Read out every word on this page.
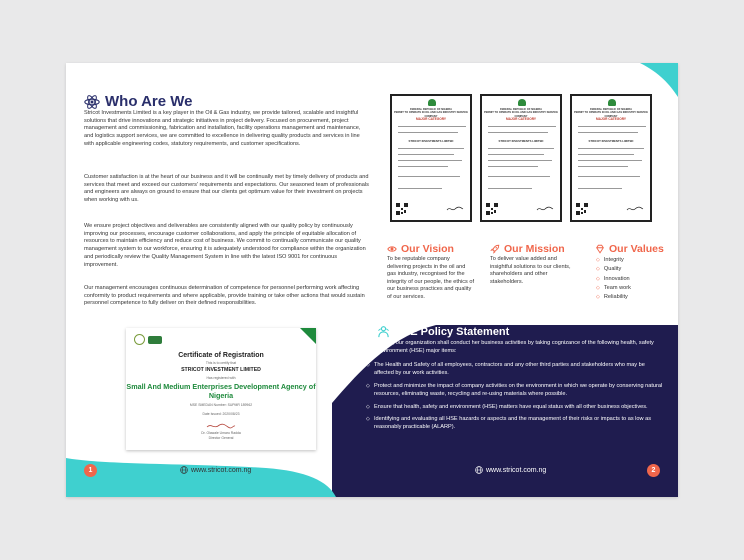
Who Are We

Stricot Investments Limited is a key player in the Oil & Gas industry, we provide tailored, scalable and insightful solutions that drive innovations and strategic initiatives in project delivery. Focused on procurement, project management and commissioning, fabrication and installation, facility operations management and maintenance, and logistics support services, we are committed to excellence in delivering quality products and services in line with applicable engineering codes, statutory requirements, and customer specifications.

Customer satisfaction is at the heart of our business and it will be continually met by timely delivery of products and services that meet and exceed our customers' requirements and expectations. Our seasoned team of professionals and engineers are always on ground to ensure that our clients get optimum value for their investment on projects when working with us.

We ensure project objectives and deliverables are consistently aligned with our quality policy by continuously improving our processes, encourage customer collaborations, and apply the principle of equitable allocation of resources to maintain efficiency and reduce cost of business. We commit to continually communicate our quality management system to our workforce, ensuring it is adequately understood for compliance within the organization and periodically review the Quality Management System in line with the latest ISO 9001 for continuous improvement.

Our management encourages continuous determination of competence for personnel performing work affecting conformity to product requirements and where applicable, provide training or take other actions that would sustain personnel competence to fully deliver on their defined responsibilities.

Certificate of Registration
This is to certify that
STRICOT INVESTMENT LIMITED
Has registered with
Small And Medium Enterprises Development Agency of Nigeria
MSE SMEDAN Number: SUPMR 189962
Date Issued: 2020/08/23
Dr. Olawale Umaru Radda
Director General
1	www.stricot.com.ng
FEDERAL REPUBLIC OF NIGERIA
PERMIT TO OPERATE IN OIL AND GAS INDUSTRY SERVICE COMPANY
MAJOR CATEGORY
STRICOT INVESTMENTS LIMITED
FEDERAL REPUBLIC OF NIGERIA
PERMIT TO OPERATE IN OIL AND GAS INDUSTRY SERVICE COMPANY
MAJOR CATEGORY
STRICOT INVESTMENTS LIMITED
FEDERAL REPUBLIC OF NIGERIA
PERMIT TO OPERATE IN OIL AND GAS INDUSTRY SERVICE COMPANY
MAJOR CATEGORY
STRICOT INVESTMENTS LIMITED
Our Vision

To be reputable company delivering projects in the oil and gas industry, recognised for the integrity of our people, the ethics of our business practices and quality of our services.

Our Mission

To deliver value added and insightful solutions to our clients, shareholders and other stakeholders.

Our Values
◇ Integrity
◇ Quality
◇ Innovation
◇ Team work
◇ Reliability
HSE Policy Statement

As a policy, our organization shall conduct her business activities by taking cognizance of the following health, safety and environment (HSE) major items:

◇ The Health and Safety of all employees, contractors and any other third parties and stakeholders who may be affected by our work activities.
◇ Protect and minimize the impact of company activities on the environment in which we operate by conserving natural resources, eliminating waste, recycling and re-using materials where possible.
◇ Ensure that health, safety and environment (HSE) matters have equal status with all other business objectives.
◇ Identifying and evaluating all HSE hazards or aspects and the management of their risks or impacts to as low as reasonably practicable (ALARP).
www.stricot.com.ng	2
